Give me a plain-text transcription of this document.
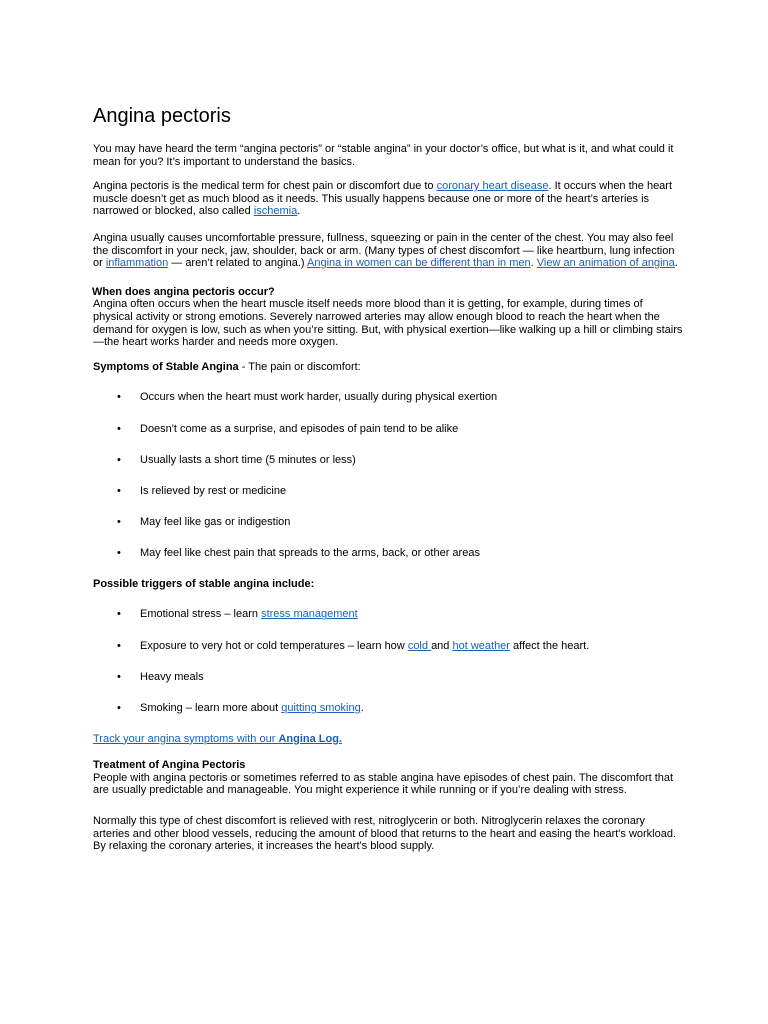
Angina pectoris

You may have heard the term “angina pectoris” or “stable angina” in your doctor’s office, but what is it, and what could it mean for you? It’s important to understand the basics.

Angina pectoris is the medical term for chest pain or discomfort due to coronary heart disease. It occurs when the heart muscle doesn’t get as much blood as it needs. This usually happens because one or more of the heart’s arteries is narrowed or blocked, also called ischemia.

Angina usually causes uncomfortable pressure, fullness, squeezing or pain in the center of the chest. You may also feel the discomfort in your neck, jaw, shoulder, back or arm. (Many types of chest discomfort — like heartburn, lung infection or inflammation — aren’t related to angina.) Angina in women can be different than in men. View an animation of angina.

When does angina pectoris occur?

Angina often occurs when the heart muscle itself needs more blood than it is getting, for example, during times of physical activity or strong emotions. Severely narrowed arteries may allow enough blood to reach the heart when the demand for oxygen is low, such as when you’re sitting. But, with physical exertion—like walking up a hill or climbing stairs—the heart works harder and needs more oxygen.

Symptoms of Stable Angina - The pain or discomfort:

• Occurs when the heart must work harder, usually during physical exertion
• Doesn't come as a surprise, and episodes of pain tend to be alike
• Usually lasts a short time (5 minutes or less)
• Is relieved by rest or medicine
• May feel like gas or indigestion
• May feel like chest pain that spreads to the arms, back, or other areas

Possible triggers of stable angina include:

• Emotional stress – learn stress management
• Exposure to very hot or cold temperatures – learn how cold and hot weather affect the heart.
• Heavy meals
• Smoking – learn more about quitting smoking.

Track your angina symptoms with our Angina Log.

Treatment of Angina Pectoris

People with angina pectoris or sometimes referred to as stable angina have episodes of chest pain. The discomfort that are usually predictable and manageable. You might experience it while running or if you’re dealing with stress.

Normally this type of chest discomfort is relieved with rest, nitroglycerin or both. Nitroglycerin relaxes the coronary arteries and other blood vessels, reducing the amount of blood that returns to the heart and easing the heart's workload. By relaxing the coronary arteries, it increases the heart's blood supply.
